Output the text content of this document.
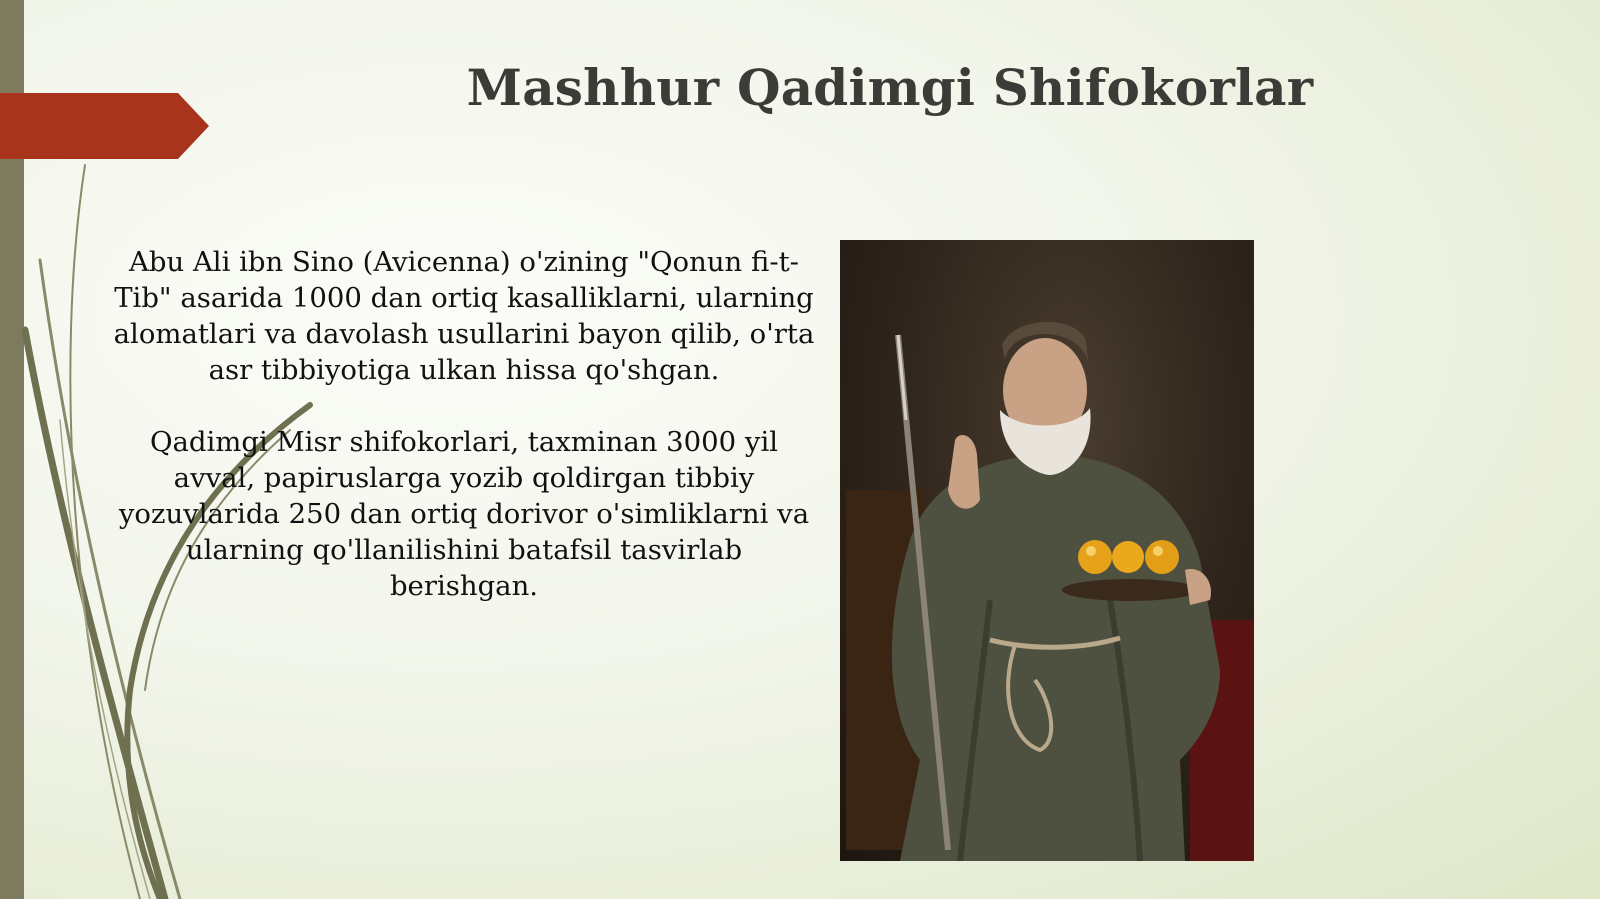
Mashhur Qadimgi Shifokorlar

Abu Ali ibn Sino (Avicenna) o'zining "Qonun fi-t-Tib" asarida 1000 dan ortiq kasalliklarni, ularning alomatlari va davolash usullarini bayon qilib, o'rta asr tibbiyotiga ulkan hissa qo'shgan.

Qadimgi Misr shifokorlari, taxminan 3000 yil avval, papiruslarga yozib qoldirgan tibbiy yozuvlarida 250 dan ortiq dorivor o'simliklarni va ularning qo'llanilishini batafsil tasvirlab berishgan.
